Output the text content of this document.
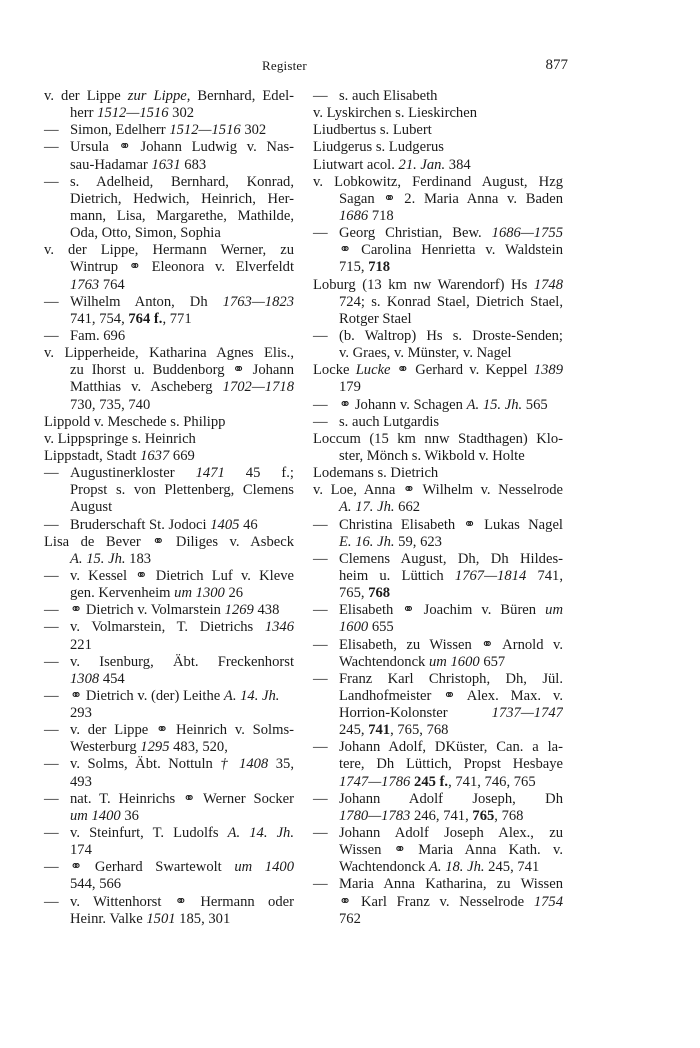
Register	877
v. der Lippe zur Lippe, Bernhard, Edel-
herr 1512—1516 302
— Simon, Edelherr 1512—1516 302
— Ursula ⚭ Johann Ludwig v. Nas-
sau-Hadamar 1631 683
— s. Adelheid, Bernhard, Konrad,
Dietrich, Hedwich, Heinrich, Her-
mann, Lisa, Margarethe, Mathilde,
Oda, Otto, Simon, Sophia
v. der Lippe, Hermann Werner, zu
Wintrup ⚭ Eleonora v. Elverfeldt
1763 764
— Wilhelm Anton, Dh 1763—1823
741, 754, 764 f., 771
— Fam. 696
v. Lipperheide, Katharina Agnes Elis.,
zu Ihorst u. Buddenborg ⚭ Johann
Matthias v. Ascheberg 1702—1718
730, 735, 740
Lippold v. Meschede s. Philipp
v. Lippspringe s. Heinrich
Lippstadt, Stadt 1637 669
— Augustinerkloster 1471 45 f.;
Propst s. von Plettenberg, Clemens
August
— Bruderschaft St. Jodoci 1405 46
Lisa de Bever ⚭ Diliges v. Asbeck
A. 15. Jh. 183
— v. Kessel ⚭ Dietrich Luf v. Kleve
gen. Kervenheim um 1300 26
— ⚭ Dietrich v. Volmarstein 1269 438
— v. Volmarstein, T. Dietrichs 1346
221
— v. Isenburg, Äbt. Freckenhorst
1308 454
— ⚭ Dietrich v. (der) Leithe A. 14. Jh.
293
— v. der Lippe ⚭ Heinrich v. Solms-
Westerburg 1295 483, 520,
— v. Solms, Äbt. Nottuln † 1408 35,
493
— nat. T. Heinrichs ⚭ Werner Socker
um 1400 36
— v. Steinfurt, T. Ludolfs A. 14. Jh.
174
— ⚭ Gerhard Swartewolt um 1400
544, 566
— v. Wittenhorst ⚭ Hermann oder
Heinr. Valke 1501 185, 301
— s. auch Elisabeth
v. Lyskirchen s. Lieskirchen
Liudbertus s. Lubert
Liudgerus s. Ludgerus
Liutwart acol. 21. Jan. 384
v. Lobkowitz, Ferdinand August, Hzg
Sagan ⚭ 2. Maria Anna v. Baden
1686 718
— Georg Christian, Bew. 1686—1755
⚭ Carolina Henrietta v. Waldstein
715, 718
Loburg (13 km nw Warendorf) Hs 1748
724; s. Konrad Stael, Dietrich Stael,
Rotger Stael
— (b. Waltrop) Hs s. Droste-Senden;
v. Graes, v. Münster, v. Nagel
Locke Lucke ⚭ Gerhard v. Keppel 1389
179
— ⚭ Johann v. Schagen A. 15. Jh. 565
— s. auch Lutgardis
Loccum (15 km nnw Stadthagen) Klo-
ster, Mönch s. Wikbold v. Holte
Lodemans s. Dietrich
v. Loe, Anna ⚭ Wilhelm v. Nesselrode
A. 17. Jh. 662
— Christina Elisabeth ⚭ Lukas Nagel
E. 16. Jh. 59, 623
— Clemens August, Dh, Dh Hildes-
heim u. Lüttich 1767—1814 741,
765, 768
— Elisabeth ⚭ Joachim v. Büren um
1600 655
— Elisabeth, zu Wissen ⚭ Arnold v.
Wachtendonck um 1600 657
— Franz Karl Christoph, Dh, Jül.
Landhofmeister ⚭ Alex. Max. v.
Horrion-Kolonster 1737—1747
245, 741, 765, 768
— Johann Adolf, DKüster, Can. a la-
tere, Dh Lüttich, Propst Hesbaye
1747—1786 245 f., 741, 746, 765
— Johann Adolf Joseph, Dh
1780—1783 246, 741, 765, 768
— Johann Adolf Joseph Alex., zu
Wissen ⚭ Maria Anna Kath. v.
Wachtendonck A. 18. Jh. 245, 741
— Maria Anna Katharina, zu Wissen
⚭ Karl Franz v. Nesselrode 1754
762
